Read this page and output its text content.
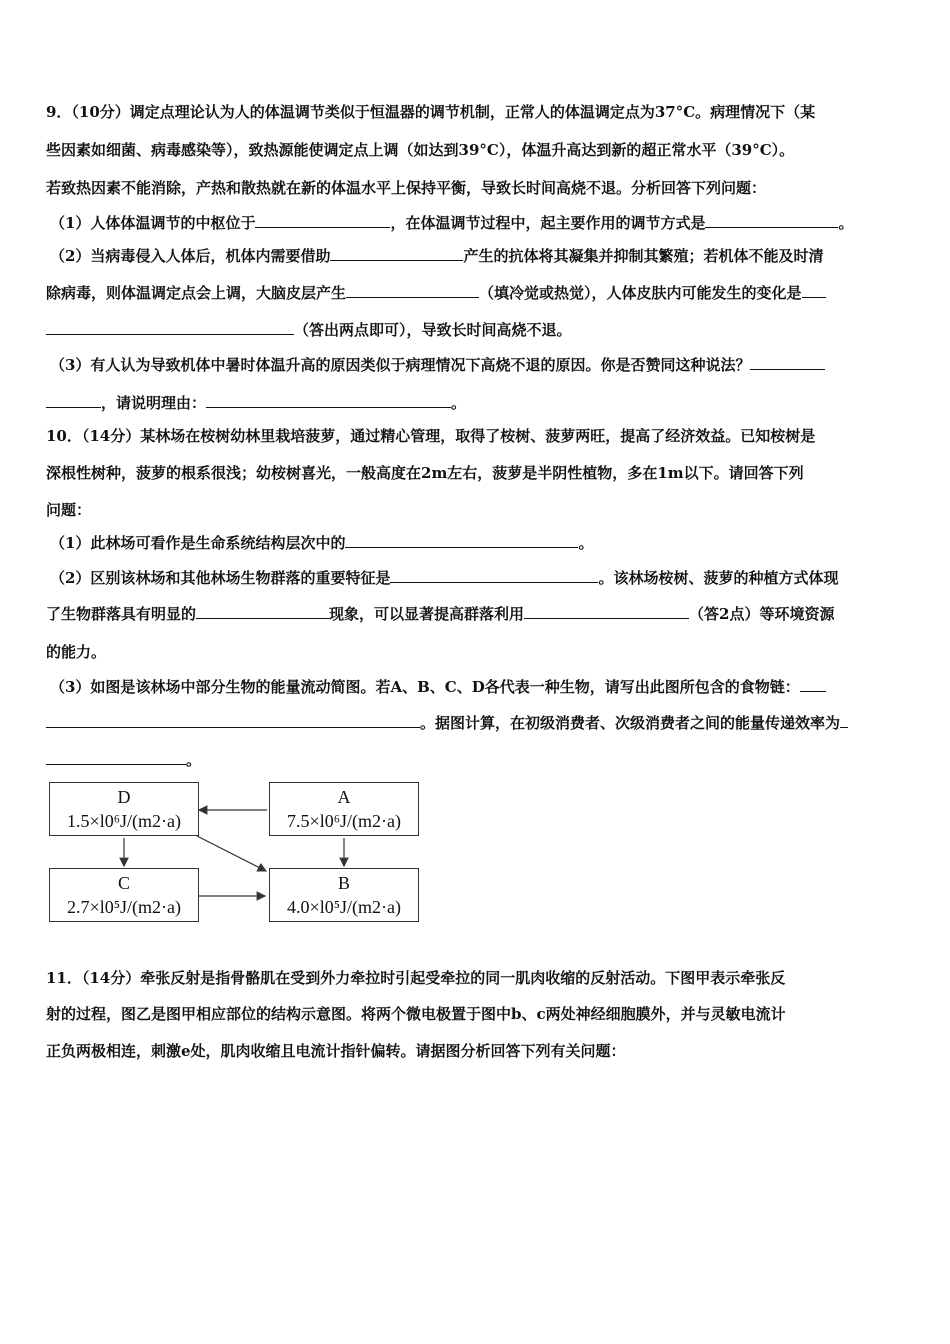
9．（10分）调定点理论认为人的体温调节类似于恒温器的调节机制，正常人的体温调定点为37°C。病理情况下（某
些因素如细菌、病毒感染等），致热源能使调定点上调（如达到39°C），体温升高达到新的超正常水平（39°C）。
若致热因素不能消除，产热和散热就在新的体温水平上保持平衡，导致长时间高烧不退。分析回答下列问题：
（1）人体体温调节的中枢位于	，在体温调节过程中，起主要作用的调节方式是	。
（2）当病毒侵入人体后，机体内需要借助	产生的抗体将其凝集并抑制其繁殖；若机体不能及时清
除病毒，则体温调定点会上调，大脑皮层产生	（填冷觉或热觉），人体皮肤内可能发生的变化是
（答出两点即可），导致长时间高烧不退。
（3）有人认为导致机体中暑时体温升高的原因类似于病理情况下高烧不退的原因。你是否赞同这种说法？
，请说明理由：	。
10．（14分）某林场在桉树幼林里栽培菠萝，通过精心管理，取得了桉树、菠萝两旺，提高了经济效益。已知桉树是
深根性树种，菠萝的根系很浅；幼桉树喜光，一般高度在2m左右，菠萝是半阴性植物，多在1m以下。请回答下列
问题：
（1）此林场可看作是生命系统结构层次中的	。
（2）区别该林场和其他林场生物群落的重要特征是	。该林场桉树、菠萝的种植方式体现
了生物群落具有明显的	现象，可以显著提高群落利用	（答2点）等环境资源
的能力。
（3）如图是该林场中部分生物的能量流动简图。若A、B、C、D各代表一种生物，请写出此图所包含的食物链：
。据图计算，在初级消费者、次级消费者之间的能量传递效率为
。
D
1.5×l0⁶J/(m2·a)
A
7.5×l0⁶J/(m2·a)
C
2.7×l0⁵J/(m2·a)
B
4.0×l0⁵J/(m2·a)
11．（14分）牵张反射是指骨骼肌在受到外力牵拉时引起受牵拉的同一肌肉收缩的反射活动。下图甲表示牵张反
射的过程，图乙是图甲相应部位的结构示意图。将两个微电极置于图中b、c两处神经细胞膜外，并与灵敏电流计
正负两极相连，刺激e处，肌肉收缩且电流计指针偏转。请据图分析回答下列有关问题：
